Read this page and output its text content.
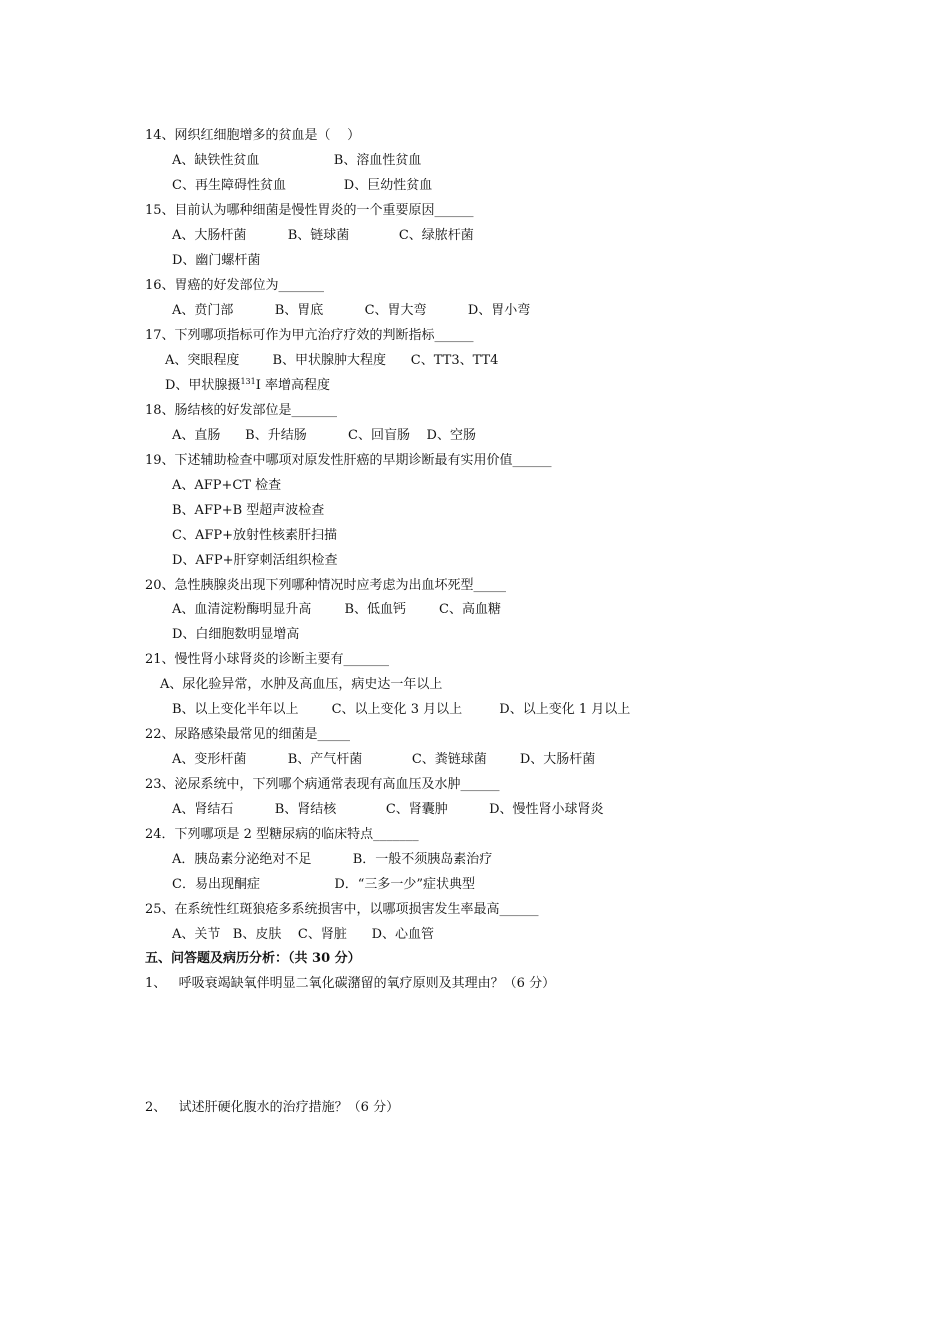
14、网织红细胞增多的贫血是（    ）
A、缺铁性贫血                  B、溶血性贫血
C、再生障碍性贫血              D、巨幼性贫血
15、目前认为哪种细菌是慢性胃炎的一个重要原因______
A、大肠杆菌          B、链球菌            C、绿脓杆菌
D、幽门螺杆菌
16、胃癌的好发部位为_______
A、贲门部          B、胃底          C、胃大弯          D、胃小弯
17、下列哪项指标可作为甲亢治疗疗效的判断指标______
A、突眼程度        B、甲状腺肿大程度      C、TT3、TT4
D、甲状腺摄$^{131}$I 率增高程度
18、肠结核的好发部位是_______
A、直肠      B、升结肠          C、回盲肠    D、空肠
19、下述辅助检查中哪项对原发性肝癌的早期诊断最有实用价值______
A、AFP+CT 检查
B、AFP+B 型超声波检查
C、AFP+放射性核素肝扫描
D、AFP+肝穿刺活组织检查
20、急性胰腺炎出现下列哪种情况时应考虑为出血坏死型_____
A、血清淀粉酶明显升高        B、低血钙        C、高血糖
D、白细胞数明显增高
21、慢性肾小球肾炎的诊断主要有_______
A、尿化验异常，水肿及高血压，病史达一年以上
B、以上变化半年以上        C、以上变化 3 月以上         D、以上变化 1 月以上
22、尿路感染最常见的细菌是_____
A、变形杆菌          B、产气杆菌            C、粪链球菌        D、大肠杆菌
23、泌尿系统中，下列哪个病通常表现有高血压及水肿______
A、肾结石          B、肾结核            C、肾囊肿          D、慢性肾小球肾炎
24．下列哪项是 2 型糖尿病的临床特点_______
A．胰岛素分泌绝对不足          B．一般不须胰岛素治疗
C．易出现酮症                  D．“三多一少”症状典型
25、在系统性红斑狼疮多系统损害中，以哪项损害发生率最高______
A、关节   B、皮肤    C、肾脏      D、心血管
五、问答题及病历分析：（共 30 分）
1、   呼吸衰竭缺氧伴明显二氧化碳潴留的氧疗原则及其理由？（6 分）
2、   试述肝硬化腹水的治疗措施？（6 分）
